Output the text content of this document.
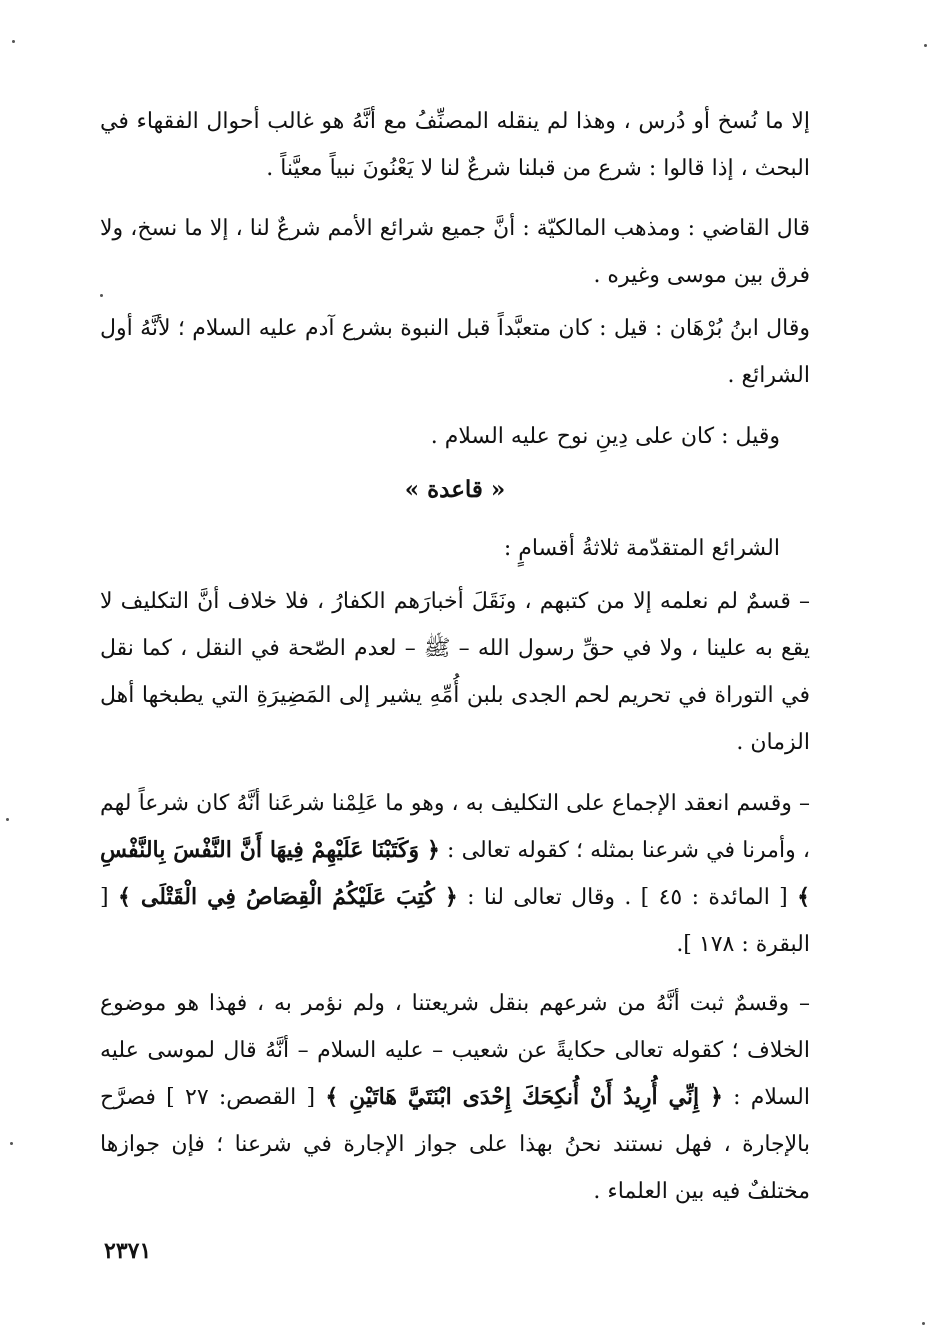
إلا ما نُسخ أو دُرس ، وهذا لم ينقله المصنِّفُ مع أنَّهُ هو غالب أحوال الفقهاء في البحث ، إذا قالوا : شرع من قبلنا شرعٌ لنا لا يَعْنُونَ نبياً معيَّناً .

قال القاضي : ومذهب المالكيّة : أنَّ جميع شرائع الأمم شرعٌ لنا ، إلا ما نسخ، ولا فرق بين موسى وغيره .

وقال ابنُ بُرْهَان : قيل : كان متعبَّداً قبل النبوة بشرع آدم عليه السلام ؛ لأنَّهُ أول الشرائع .

وقيل : كان على دِينِ نوح عليه السلام .

« قاعدة »

الشرائع المتقدّمة ثلاثةُ أقسامٍ :

– قسمٌ لم نعلمه إلا من كتبهم ، ونَقَلَ أخبارَهم الكفارُ ، فلا خلاف أنَّ التكليف لا يقع به علينا ، ولا في حقِّ رسول الله – ﷺ – لعدم الصّحة في النقل ، كما نقل في التوراة في تحريم لحم الجدى بلبن أُمِّهِ يشير إلى المَضِيرَةِ التي يطبخها أهل الزمان .

– وقسم انعقد الإجماع على التكليف به ، وهو ما عَلِمْنا شرعَنا أنَّهُ كان شرعاً لهم ، وأمرنا في شرعنا بمثله ؛ كقوله تعالى : ﴿ وَكَتَبْنَا عَلَيْهِمْ فِيهَا أَنَّ النَّفْسَ بِالنَّفْسِ ﴾ [ المائدة : ٤٥ ] . وقال تعالى لنا : ﴿ كُتِبَ عَلَيْكُمُ الْقِصَاصُ فِي الْقَتْلَى ﴾ [ البقرة : ١٧٨ ].

– وقسمٌ ثبت أنَّهُ من شرعهم بنقل شريعتنا ، ولم نؤمر به ، فهذا هو موضوع الخلاف ؛ كقوله تعالى حكايةً عن شعيب – عليه السلام – أنَّهُ قال لموسى عليه السلام : ﴿ إِنِّي أُرِيدُ أَنْ أُنكِحَكَ إِحْدَى ابْنَتَيَّ هَاتَيْنِ ﴾ [ القصص: ٢٧ ] فصرَّح بالإجارة ، فهل نستند نحنُ بهذا على جواز الإجارة في شرعنا ؛ فإن جوازها مختلفٌ فيه بين العلماء .

٢٣٧١
